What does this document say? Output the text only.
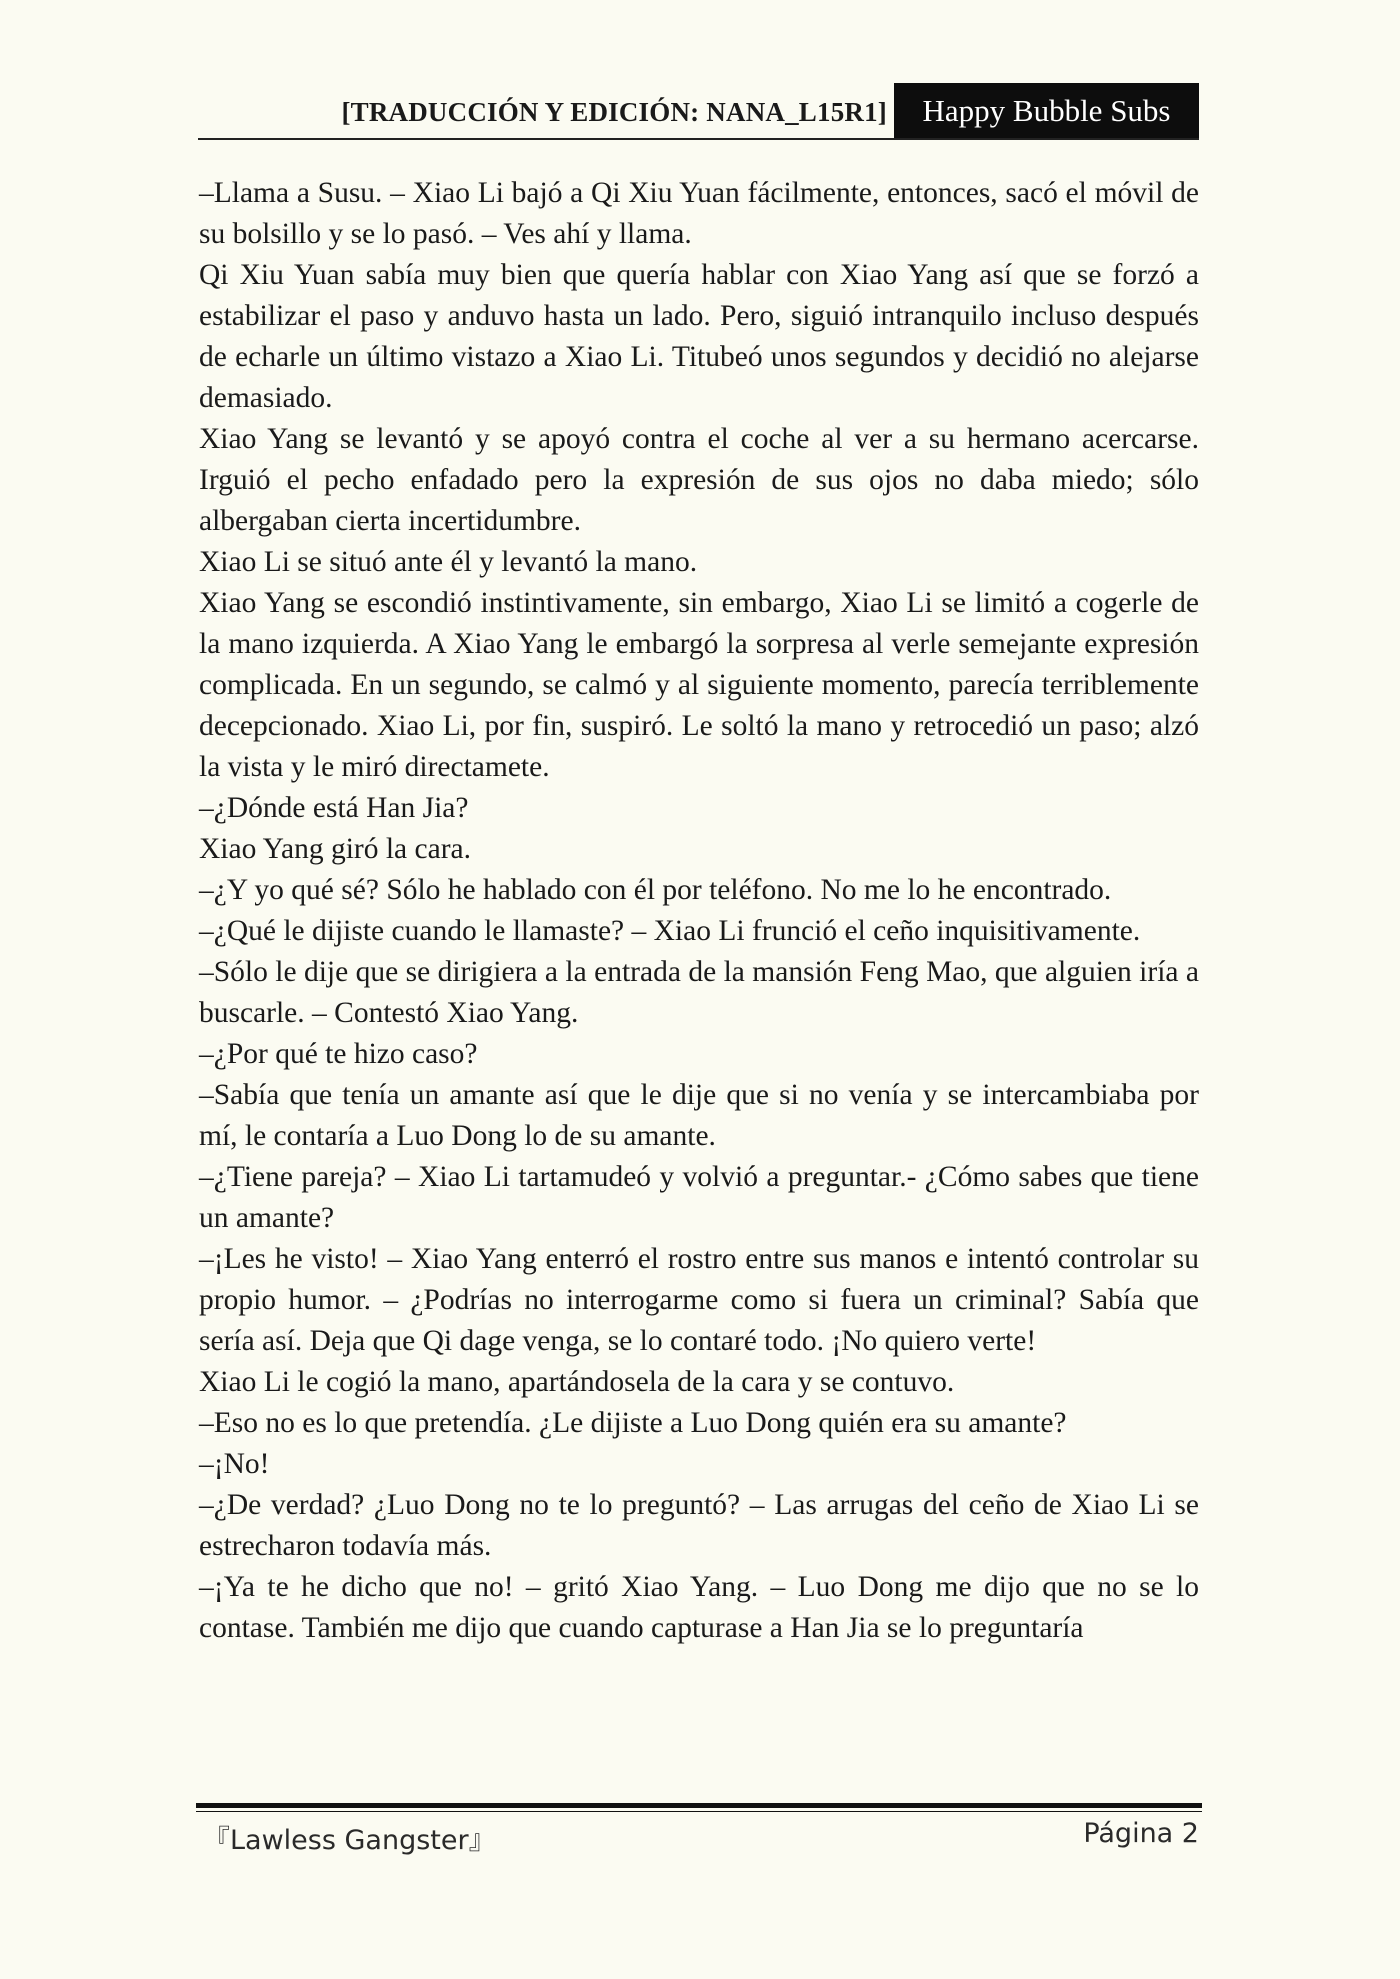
[TRADUCCIÓN Y EDICIÓN: NANA_L15R1]	Happy Bubble Subs

–Llama a Susu. – Xiao Li bajó a Qi Xiu Yuan fácilmente, entonces, sacó el móvil de su bolsillo y se lo pasó. – Ves ahí y llama.

Qi Xiu Yuan sabía muy bien que quería hablar con Xiao Yang así que se forzó a estabilizar el paso y anduvo hasta un lado. Pero, siguió intranquilo incluso después de echarle un último vistazo a Xiao Li. Titubeó unos segundos y decidió no alejarse demasiado.

Xiao Yang se levantó y se apoyó contra el coche al ver a su hermano acercarse. Irguió el pecho enfadado pero la expresión de sus ojos no daba miedo; sólo albergaban cierta incertidumbre.

Xiao Li se situó ante él y levantó la mano.

Xiao Yang se escondió instintivamente, sin embargo, Xiao Li se limitó a cogerle de la mano izquierda. A Xiao Yang le embargó la sorpresa al verle semejante expresión complicada. En un segundo, se calmó y al siguiente momento, parecía terriblemente decepcionado. Xiao Li, por fin, suspiró. Le soltó la mano y retrocedió un paso; alzó la vista y le miró directamete.

–¿Dónde está Han Jia?

Xiao Yang giró la cara.

–¿Y yo qué sé? Sólo he hablado con él por teléfono. No me lo he encontrado.

–¿Qué le dijiste cuando le llamaste? – Xiao Li frunció el ceño inquisitivamente.

–Sólo le dije que se dirigiera a la entrada de la mansión Feng Mao, que alguien iría a buscarle. – Contestó Xiao Yang.

–¿Por qué te hizo caso?

–Sabía que tenía un amante así que le dije que si no venía y se intercambiaba por mí, le contaría a Luo Dong lo de su amante.

–¿Tiene pareja? – Xiao Li tartamudeó y volvió a preguntar.- ¿Cómo sabes que tiene un amante?

–¡Les he visto! – Xiao Yang enterró el rostro entre sus manos e intentó controlar su propio humor. – ¿Podrías no interrogarme como si fuera un criminal? Sabía que sería así. Deja que Qi dage venga, se lo contaré todo. ¡No quiero verte!

Xiao Li le cogió la mano, apartándosela de la cara y se contuvo.

–Eso no es lo que pretendía. ¿Le dijiste a Luo Dong quién era su amante?

–¡No!

–¿De verdad? ¿Luo Dong no te lo preguntó? – Las arrugas del ceño de Xiao Li se estrecharon todavía más.

–¡Ya te he dicho que no! – gritó Xiao Yang. – Luo Dong me dijo que no se lo contase. También me dijo que cuando capturase a Han Jia se lo preguntaría

『Lawless Gangster』	Página 2
